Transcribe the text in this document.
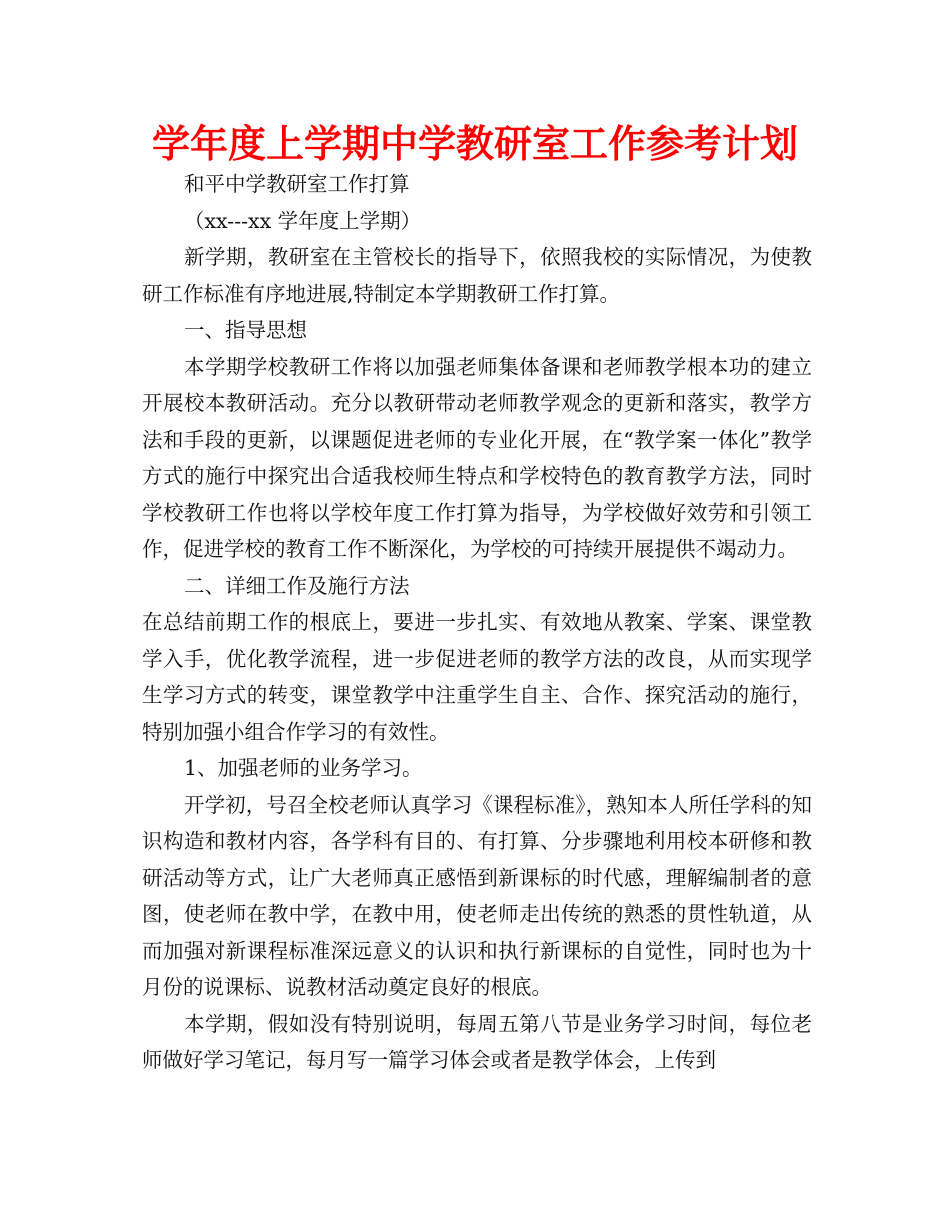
学年度上学期中学教研室工作参考计划

和平中学教研室工作打算

（xx---xx 学年度上学期）

新学期，教研室在主管校长的指导下，依照我校的实际情况，为使教研工作标准有序地进展,特制定本学期教研工作打算。

一、指导思想

本学期学校教研工作将以加强老师集体备课和老师教学根本功的建立开展校本教研活动。充分以教研带动老师教学观念的更新和落实，教学方法和手段的更新，以课题促进老师的专业化开展，在“教学案一体化”教学方式的施行中探究出合适我校师生特点和学校特色的教育教学方法，同时学校教研工作也将以学校年度工作打算为指导，为学校做好效劳和引领工作，促进学校的教育工作不断深化，为学校的可持续开展提供不竭动力。

二、详细工作及施行方法

在总结前期工作的根底上，要进一步扎实、有效地从教案、学案、课堂教学入手，优化教学流程，进一步促进老师的教学方法的改良，从而实现学生学习方式的转变，课堂教学中注重学生自主、合作、探究活动的施行，特别加强小组合作学习的有效性。

1、加强老师的业务学习。

开学初，号召全校老师认真学习《课程标准》，熟知本人所任学科的知识构造和教材内容，各学科有目的、有打算、分步骤地利用校本研修和教研活动等方式，让广大老师真正感悟到新课标的时代感，理解编制者的意图，使老师在教中学，在教中用，使老师走出传统的熟悉的贯性轨道，从而加强对新课程标准深远意义的认识和执行新课标的自觉性，同时也为十月份的说课标、说教材活动奠定良好的根底。

本学期，假如没有特别说明，每周五第八节是业务学习时间，每位老师做好学习笔记，每月写一篇学习体会或者是教学体会，上传到
